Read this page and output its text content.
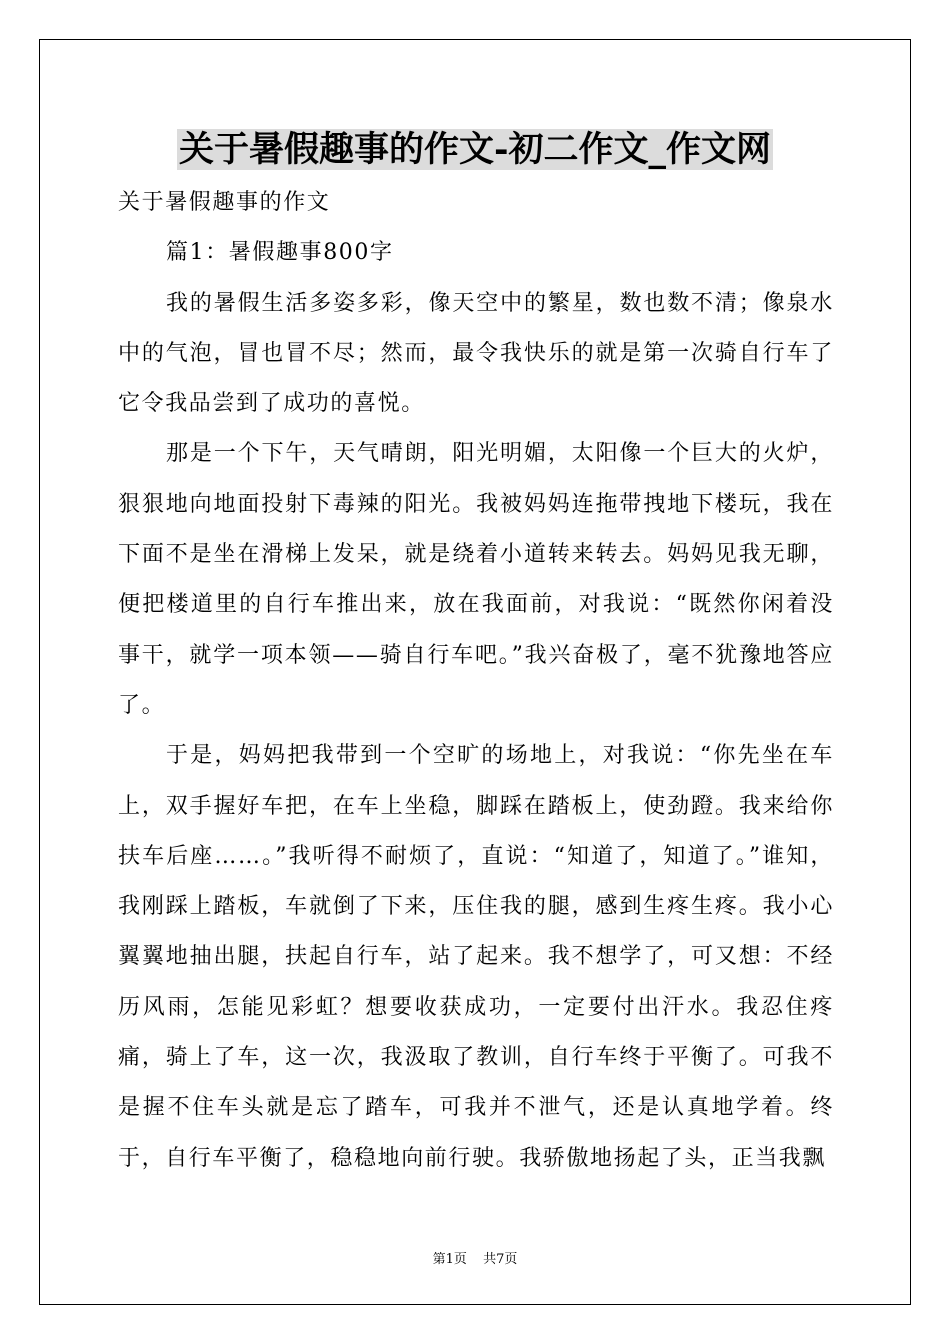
关于暑假趣事的作文-初二作文_作文网

关于暑假趣事的作文

篇1：暑假趣事800字

我的暑假生活多姿多彩，像天空中的繁星，数也数不清；像泉水中的气泡，冒也冒不尽；然而，最令我快乐的就是第一次骑自行车了它令我品尝到了成功的喜悦。

那是一个下午，天气晴朗，阳光明媚，太阳像一个巨大的火炉，狠狠地向地面投射下毒辣的阳光。我被妈妈连拖带拽地下楼玩，我在下面不是坐在滑梯上发呆，就是绕着小道转来转去。妈妈见我无聊，便把楼道里的自行车推出来，放在我面前，对我说：“既然你闲着没事干，就学一项本领——骑自行车吧。”我兴奋极了，毫不犹豫地答应了。

于是，妈妈把我带到一个空旷的场地上，对我说：“你先坐在车上，双手握好车把，在车上坐稳，脚踩在踏板上，使劲蹬。我来给你扶车后座……。”我听得不耐烦了，直说：“知道了，知道了。”谁知，我刚踩上踏板，车就倒了下来，压住我的腿，感到生疼生疼。我小心翼翼地抽出腿，扶起自行车，站了起来。我不想学了，可又想：不经历风雨，怎能见彩虹？想要收获成功，一定要付出汗水。我忍住疼痛，骑上了车，这一次，我汲取了教训，自行车终于平衡了。可我不是握不住车头就是忘了踏车，可我并不泄气，还是认真地学着。终于，自行车平衡了，稳稳地向前行驶。我骄傲地扬起了头，正当我飘

第1页 共7页
